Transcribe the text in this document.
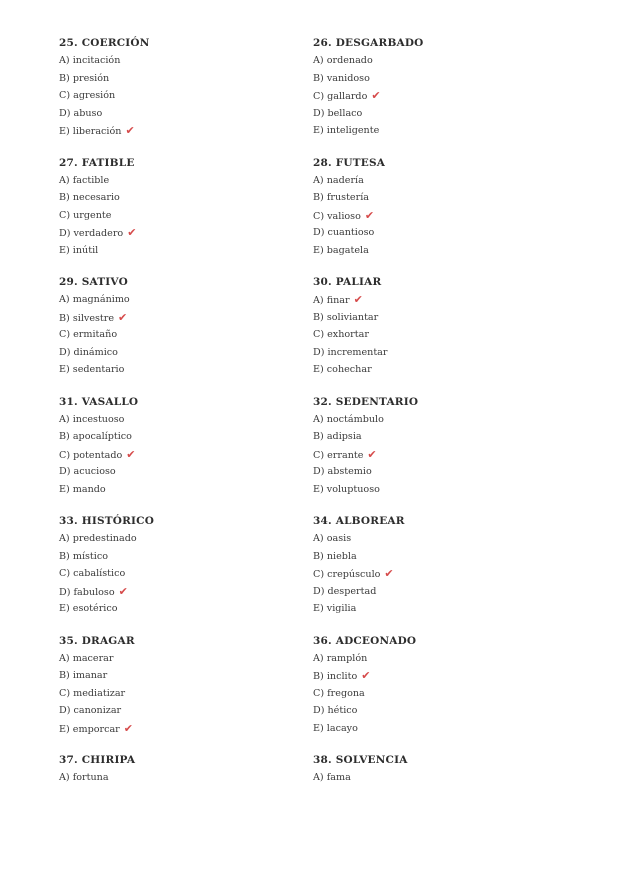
25. COERCIÓN
A) incitación
B) presión
C) agresión
D) abuso
E) liberación ✔
27. FATIBLE
A) factible
B) necesario
C) urgente
D) verdadero ✔
E) inútil
29. SATIVO
A) magnánimo
B) silvestre ✔
C) ermitaño
D) dinámico
E) sedentario
31. VASALLO
A) incestuoso
B) apocalíptico
C) potentado ✔
D) acucioso
E) mando
33. HISTÓRICO
A) predestinado
B) místico
C) cabalístico
D) fabuloso ✔
E) esotérico
35. DRAGAR
A) macerar
B) imanar
C) mediatizar
D) canonizar
E) emporcar ✔
37. CHIRIPA
A) fortuna
26. DESGARBADO
A) ordenado
B) vanidoso
C) gallardo ✔
D) bellaco
E) inteligente
28. FUTESA
A) nadería
B) frustería
C) valioso ✔
D) cuantioso
E) bagatela
30. PALIAR
A) finar ✔
B) soliviantar
C) exhortar
D) incrementar
E) cohechar
32. SEDENTARIO
A) noctámbulo
B) adipsia
C) errante ✔
D) abstemio
E) voluptuoso
34. ALBOREAR
A) oasis
B) niebla
C) crepúsculo ✔
D) despertad
E) vigilia
36. ADCEONADO
A) ramplón
B) inclito ✔
C) fregona
D) hético
E) lacayo
38. SOLVENCIA
A) fama
